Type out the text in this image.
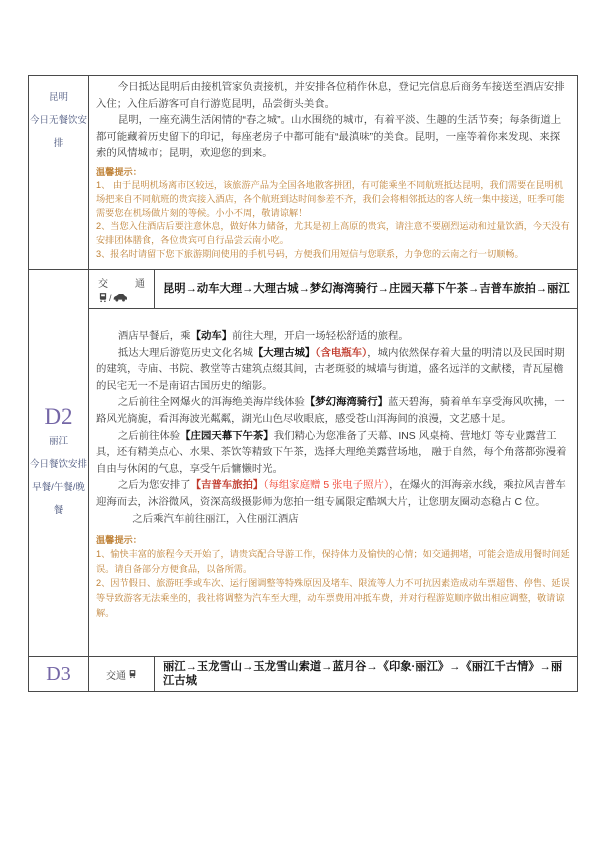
昆明
今日无餐饮安
排

今日抵达昆明后由接机管家负责接机，并安排各位稍作休息，登记完信息后商务车接送至酒店安排入住；入住后游客可自行游览昆明，品尝街头美食。

昆明，一座充满生活闲情的“春之城”。山水围绕的城市，有着平淡、生趣的生活节奏；每条街道上都可能藏着历史留下的印记，每座老房子中都可能有“最滇味”的美食。昆明，一座等着你来发现、来探索的风情城市；昆明，欢迎您的到来。

温馨提示：

1、 由于昆明机场离市区较远，该旅游产品为全国各地散客拼团，有可能乘坐不同航班抵达昆明，我们需要在昆明机场把来自不同航班的贵宾接入酒店，各个航班到达时间参差不齐，我们会将相邻抵达的客人统一集中接送，旺季可能需要您在机场做片刻的等候。小小不周，敬请谅解！

2、当您入住酒店后要注意休息，做好体力储备，尤其是初上高原的贵宾，请注意不要剧烈运动和过量饮酒，今天没有安排团体膳食，各位贵宾可自行品尝云南小吃。

3、报名时请留下您下旅游期间使用的手机号码，方便我们用短信与您联系，力争您的云南之行一切顺畅。

D2
丽江
今日餐饮安排
早餐/午餐/晚
餐
交通
/
昆明→动车大理→大理古城→梦幻海湾骑行→庄园天幕下午茶→吉普车旅拍→丽江

酒店早餐后，乘【动车】前往大理，开启一场轻松舒适的旅程。

抵达大理后游览历史文化名城【大理古城】（含电瓶车），城内依然保存着大量的明清以及民国时期的建筑，寺庙、书院、教堂等古建筑点缀其间，古老斑驳的城墙与街道，盛名远洋的文献楼，青瓦屋檐的民宅无一不是南诏古国历史的缩影。

之后前往全网爆火的洱海绝美海岸线体验【梦幻海湾骑行】蓝天碧海，骑着单车享受海风吹拂，一路风光旖旎，看洱海波光粼粼，湖光山色尽收眼底，感受苍山洱海间的浪漫，文艺感十足。

之后前往体验【庄园天幕下午茶】我们精心为您准备了天幕、INS 风桌椅、营地灯 等专业露营工具，还有精美点心、水果、茶饮等精致下午茶，选择大理绝美露营场地， 融于自然，每个角落都弥漫着自由与休闲的气息，享受午后慵懒时光。

之后为您安排了【吉普车旅拍】（每组家庭赠 5 张电子照片），在爆火的洱海亲水线，乘拉风吉普车迎海而去，沐浴微风，资深高级摄影师为您拍一组专属限定酷飒大片，让您朋友圈动态稳占 C 位。

之后乘汽车前往丽江，入住丽江酒店

温馨提示：

1、愉快丰富的旅程今天开始了，请贵宾配合导游工作，保持体力及愉快的心情；如交通拥堵，可能会造成用餐时间延误。请自备部分方便食品，以备所需。

2、因节假日、旅游旺季或车次、运行图调整等特殊原因及堵车、限流等人力不可抗因素造成动车票超售、停售、延误等导致游客无法乘坐的，我社将调整为汽车至大理，动车票费用冲抵车费，并对行程游览顺序做出相应调整，敬请谅解。

D3	交通
丽江→玉龙雪山→玉龙雪山索道→蓝月谷→《印象·丽江》→《丽江千古情》→丽江古城
